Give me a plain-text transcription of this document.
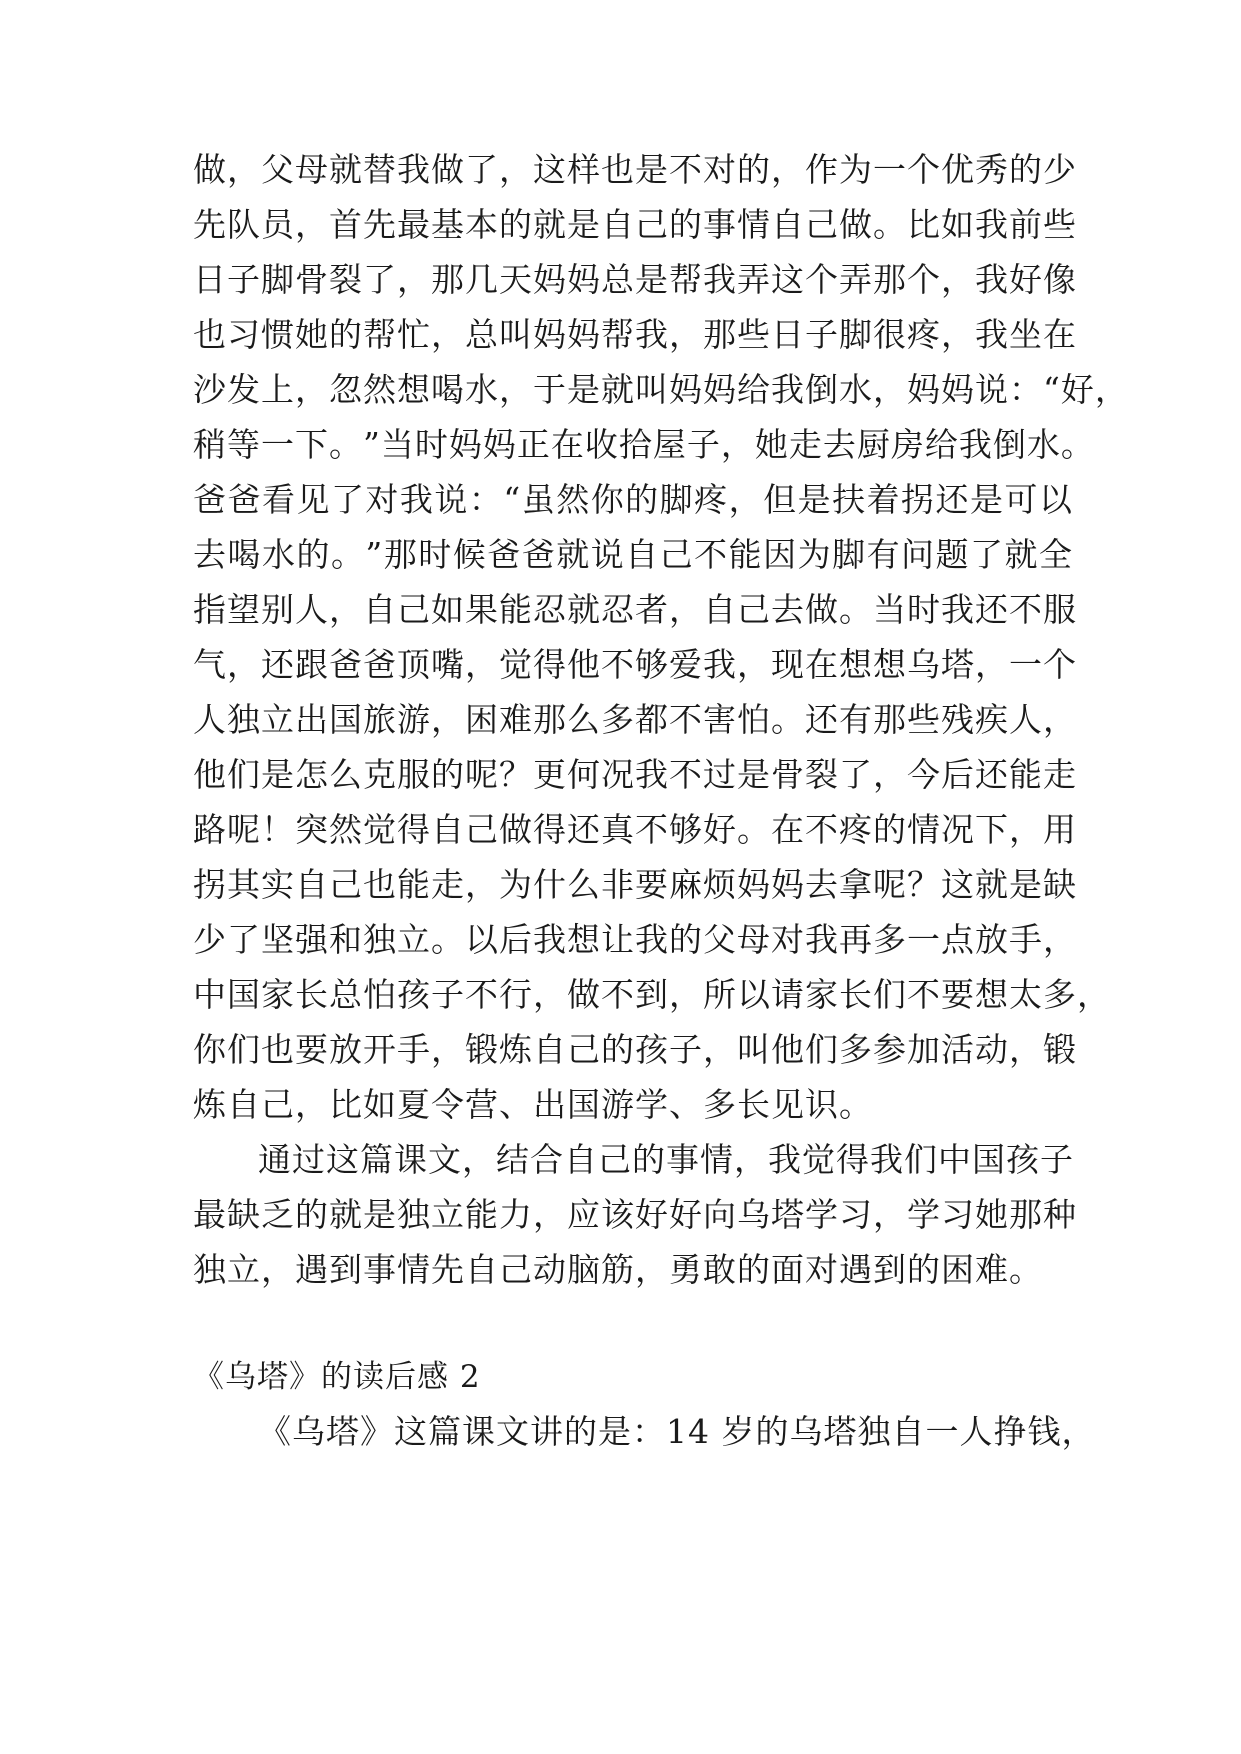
做 ， 父 母 就 替 我 做 了 ， 这 样 也 是 不 对 的 ， 作 为 一 个 优 秀 的 少
先 队 员 ， 首 先 最 基 本 的 就 是 自 己 的 事 情 自 己 做 。 比 如 我 前 些
日 子 脚 骨 裂 了 ， 那 几 天 妈 妈 总 是 帮 我 弄 这 个 弄 那 个 ， 我 好 像
也 习 惯 她 的 帮 忙 ， 总 叫 妈 妈 帮 我 ， 那 些 日 子 脚 很 疼 ， 我 坐 在
沙 发 上 ， 忽 然 想 喝 水 ， 于 是 就 叫 妈 妈 给 我 倒 水 ， 妈 妈 说 ： “ 好 ，
稍 等 一 下 。 ” 当 时 妈 妈 正 在 收 拾 屋 子 ， 她 走 去 厨 房 给 我 倒 水 。
爸 爸 看 见 了 对 我 说 ： “ 虽 然 你 的 脚 疼 ， 但 是 扶 着 拐 还 是 可 以
去 喝 水 的 。 ” 那 时 候 爸 爸 就 说 自 己 不 能 因 为 脚 有 问 题 了 就 全
指 望 别 人 ， 自 己 如 果 能 忍 就 忍 者 ， 自 己 去 做 。 当 时 我 还 不 服
气 ， 还 跟 爸 爸 顶 嘴 ， 觉 得 他 不 够 爱 我 ， 现 在 想 想 乌 塔 ， 一 个
人 独 立 出 国 旅 游 ， 困 难 那 么 多 都 不 害 怕 。 还 有 那 些 残 疾 人 ，
他 们 是 怎 么 克 服 的 呢 ？ 更 何 况 我 不 过 是 骨 裂 了 ， 今 后 还 能 走
路 呢 ！ 突 然 觉 得 自 己 做 得 还 真 不 够 好 。 在 不 疼 的 情 况 下 ， 用
拐 其 实 自 己 也 能 走 ， 为 什 么 非 要 麻 烦 妈 妈 去 拿 呢 ？ 这 就 是 缺
少 了 坚 强 和 独 立 。 以 后 我 想 让 我 的 父 母 对 我 再 多 一 点 放 手 ，
中 国 家 长 总 怕 孩 子 不 行 ， 做 不 到 ， 所 以 请 家 长 们 不 要 想 太 多 ，
你 们 也 要 放 开 手 ， 锻 炼 自 己 的 孩 子 ， 叫 他 们 多 参 加 活 动 ， 锻
炼自己，比如夏令营、出国游学、多长见识。
通过这篇课文，结合自己的事情，我觉得我们中国孩子
最 缺 乏 的 就 是 独 立 能 力 ， 应 该 好 好 向 乌 塔 学 习 ， 学 习 她 那 种
独立，遇到事情先自己动脑筋，勇敢的面对遇到的困难。
《乌塔》的读后感 2
《乌塔》这篇课文讲的是：14 岁的乌塔独自一人挣钱，
